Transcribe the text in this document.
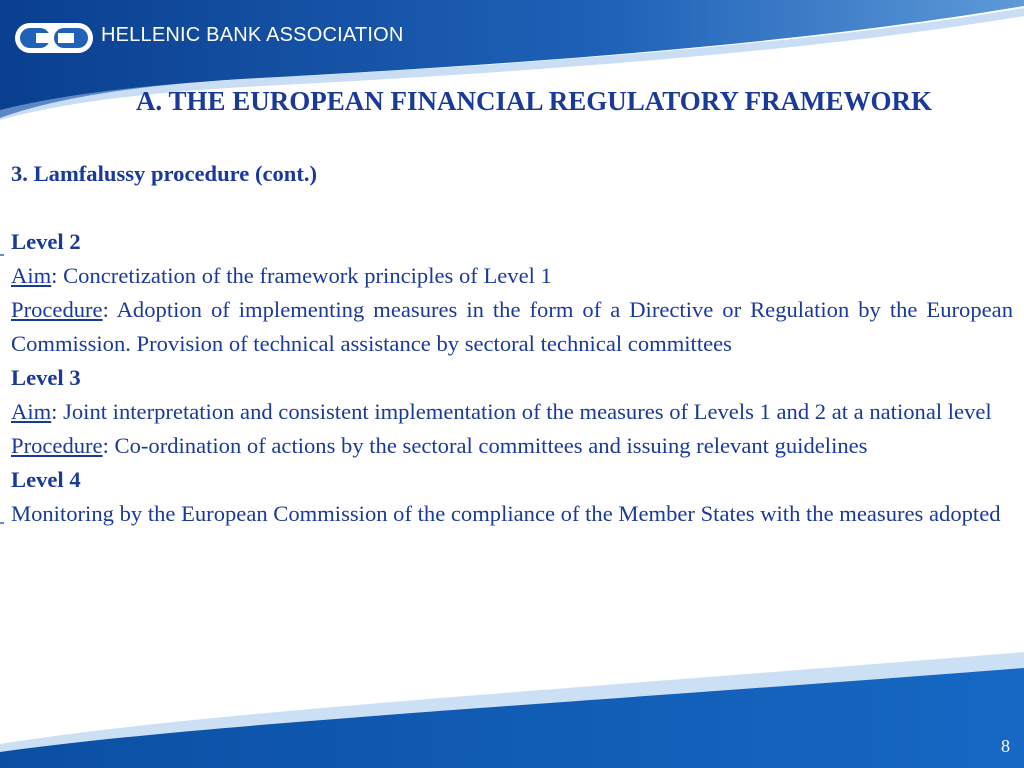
HELLENIC BANK ASSOCIATION
A. THE EUROPEAN FINANCIAL REGULATORY FRAMEWORK

3. Lamfalussy procedure (cont.)

Level 2

Aim: Concretization of the framework principles of Level 1

Procedure: Adoption of implementing measures in the form of a Directive or Regulation by the European Commission. Provision of technical assistance by sectoral technical committees

Level 3

Aim: Joint interpretation and consistent implementation of the measures of Levels 1 and 2 at a national level

Procedure: Co-ordination of actions by the sectoral committees and issuing relevant guidelines

Level 4

Monitoring by the European Commission of the compliance of the Member States with the measures adopted

8
